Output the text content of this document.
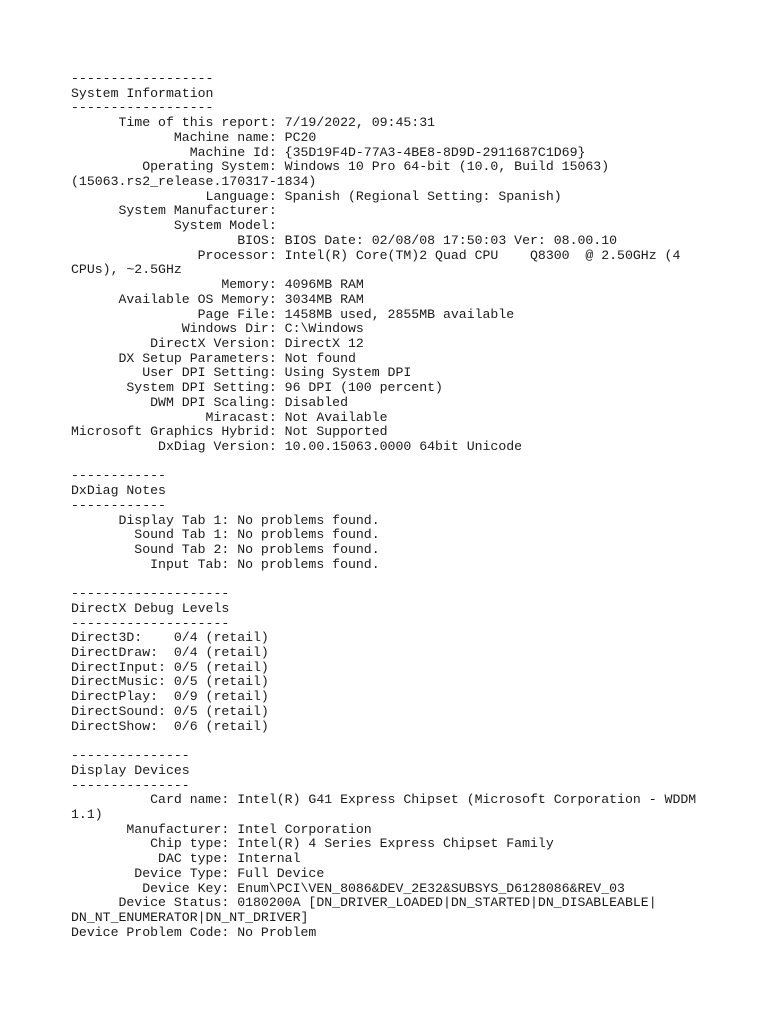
------------------
System Information
------------------
Time of this report: 7/19/2022, 09:45:31
Machine name: PC20
Machine Id: {35D19F4D-77A3-4BE8-8D9D-2911687C1D69}
Operating System: Windows 10 Pro 64-bit (10.0, Build 15063)
(15063.rs2_release.170317-1834)
Language: Spanish (Regional Setting: Spanish)
System Manufacturer:
System Model:
BIOS: BIOS Date: 02/08/08 17:50:03 Ver: 08.00.10
Processor: Intel(R) Core(TM)2 Quad CPU    Q8300  @ 2.50GHz (4
CPUs), ~2.5GHz
Memory: 4096MB RAM
Available OS Memory: 3034MB RAM
Page File: 1458MB used, 2855MB available
Windows Dir: C:\Windows
DirectX Version: DirectX 12
DX Setup Parameters: Not found
User DPI Setting: Using System DPI
System DPI Setting: 96 DPI (100 percent)
DWM DPI Scaling: Disabled
Miracast: Not Available
Microsoft Graphics Hybrid: Not Supported
DxDiag Version: 10.00.15063.0000 64bit Unicode

------------
DxDiag Notes
------------
Display Tab 1: No problems found.
Sound Tab 1: No problems found.
Sound Tab 2: No problems found.
Input Tab: No problems found.

--------------------
DirectX Debug Levels
--------------------
Direct3D:    0/4 (retail)
DirectDraw:  0/4 (retail)
DirectInput: 0/5 (retail)
DirectMusic: 0/5 (retail)
DirectPlay:  0/9 (retail)
DirectSound: 0/5 (retail)
DirectShow:  0/6 (retail)

---------------
Display Devices
---------------
Card name: Intel(R) G41 Express Chipset (Microsoft Corporation - WDDM
1.1)
Manufacturer: Intel Corporation
Chip type: Intel(R) 4 Series Express Chipset Family
DAC type: Internal
Device Type: Full Device
Device Key: Enum\PCI\VEN_8086&DEV_2E32&SUBSYS_D6128086&REV_03
Device Status: 0180200A [DN_DRIVER_LOADED|DN_STARTED|DN_DISABLEABLE|
DN_NT_ENUMERATOR|DN_NT_DRIVER]
Device Problem Code: No Problem
